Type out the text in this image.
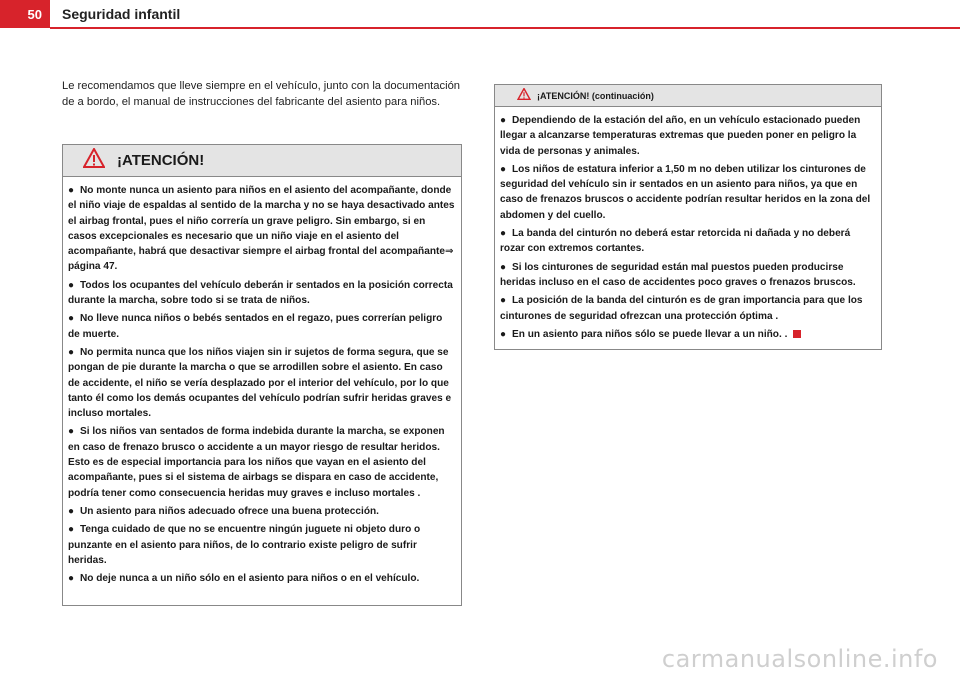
50	Seguridad infantil
Le recomendamos que lleve siempre en el vehículo, junto con la documentación de a bordo, el manual de instrucciones del fabricante del asiento para niños.
¡ATENCIÓN!
● No monte nunca un asiento para niños en el asiento del acompañante, donde el niño viaje de espaldas al sentido de la marcha y no se haya desactivado antes el airbag frontal, pues el niño correría un grave peligro. Sin embargo, si en casos excepcionales es necesario que un niño viaje en el asiento del acompañante, habrá que desactivar siempre el airbag frontal del acompañante⇒ página 47.
● Todos los ocupantes del vehículo deberán ir sentados en la posición correcta durante la marcha, sobre todo si se trata de niños.
● No lleve nunca niños o bebés sentados en el regazo, pues correrían peligro de muerte.
● No permita nunca que los niños viajen sin ir sujetos de forma segura, que se pongan de pie durante la marcha o que se arrodillen sobre el asiento. En caso de accidente, el niño se vería desplazado por el interior del vehículo, por lo que tanto él como los demás ocupantes del vehículo podrían sufrir heridas graves e incluso mortales.
● Si los niños van sentados de forma indebida durante la marcha, se exponen en caso de frenazo brusco o accidente a un mayor riesgo de resultar heridos. Esto es de especial importancia para los niños que vayan en el asiento del acompañante, pues si el sistema de airbags se dispara en caso de accidente, podría tener como consecuencia heridas muy graves e incluso mortales .
● Un asiento para niños adecuado ofrece una buena protección.
● Tenga cuidado de que no se encuentre ningún juguete ni objeto duro o punzante en el asiento para niños, de lo contrario existe peligro de sufrir heridas.
● No deje nunca a un niño sólo en el asiento para niños o en el vehículo.
¡ATENCIÓN! (continuación)
● Dependiendo de la estación del año, en un vehículo estacionado pueden llegar a alcanzarse temperaturas extremas que pueden poner en peligro la vida de personas y animales.
● Los niños de estatura inferior a 1,50 m no deben utilizar los cinturones de seguridad del vehículo sin ir sentados en un asiento para niños, ya que en caso de frenazos bruscos o accidente podrían resultar heridos en la zona del abdomen y del cuello.
● La banda del cinturón no deberá estar retorcida ni dañada y no deberá rozar con extremos cortantes.
● Si los cinturones de seguridad están mal puestos pueden producirse heridas incluso en el caso de accidentes poco graves o frenazos bruscos.
● La posición de la banda del cinturón es de gran importancia para que los cinturones de seguridad ofrezcan una protección óptima .
● En un asiento para niños sólo se puede llevar a un niño. .
carmanualsonline.info
